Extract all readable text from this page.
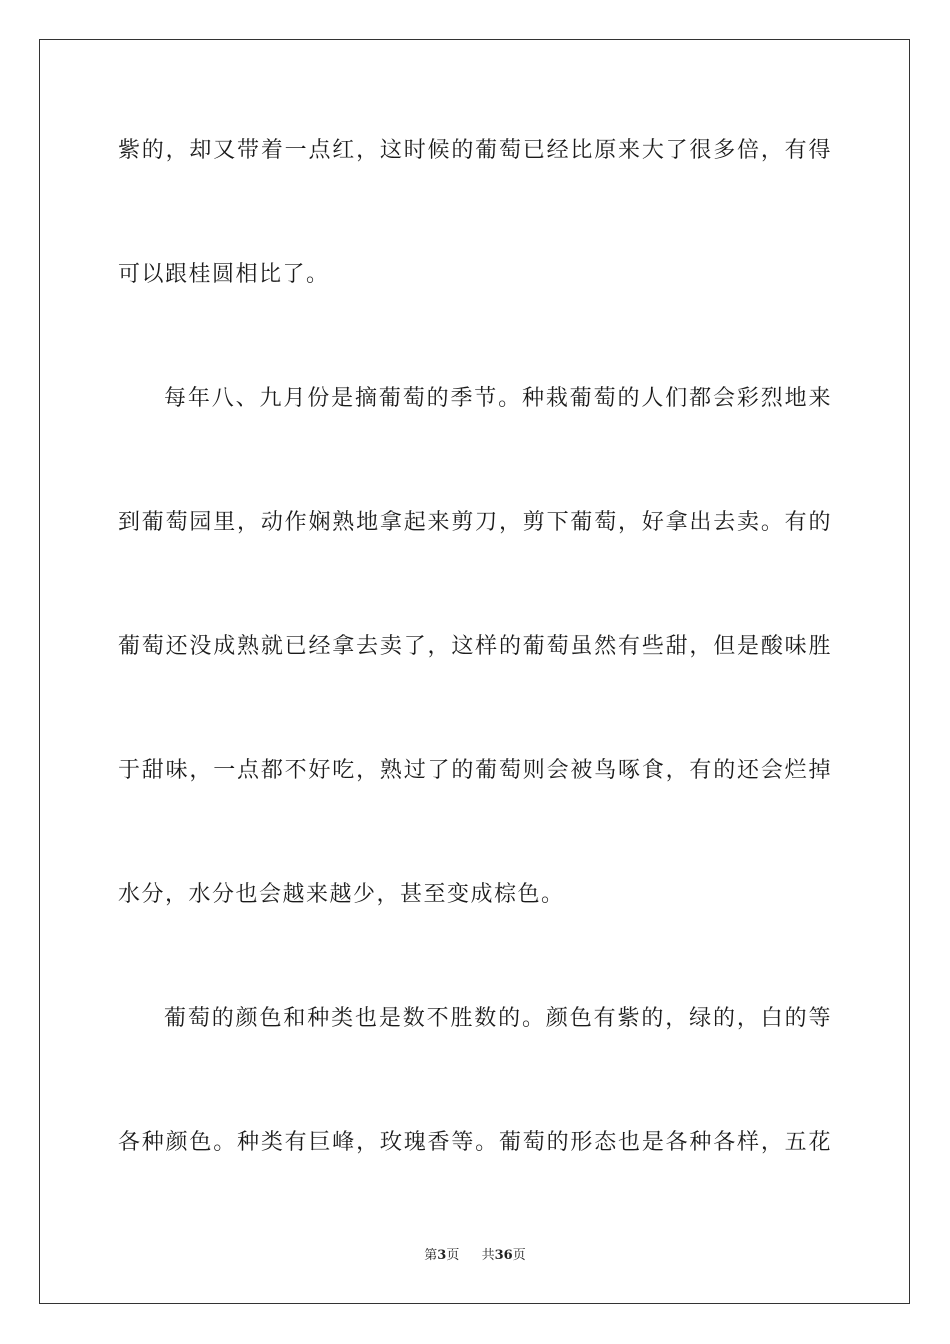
紫的，却又带着一点红，这时候的葡萄已经比原来大了很多倍，有得
可以跟桂圆相比了。
每年八、九月份是摘葡萄的季节。种栽葡萄的人们都会彩烈地来
到葡萄园里，动作娴熟地拿起来剪刀，剪下葡萄，好拿出去卖。有的
葡萄还没成熟就已经拿去卖了，这样的葡萄虽然有些甜，但是酸味胜
于甜味，一点都不好吃，熟过了的葡萄则会被鸟啄食，有的还会烂掉
水分，水分也会越来越少，甚至变成棕色。
葡萄的颜色和种类也是数不胜数的。颜色有紫的，绿的，白的等
各种颜色。种类有巨峰，玫瑰香等。葡萄的形态也是各种各样，五花
第3页 共36页
